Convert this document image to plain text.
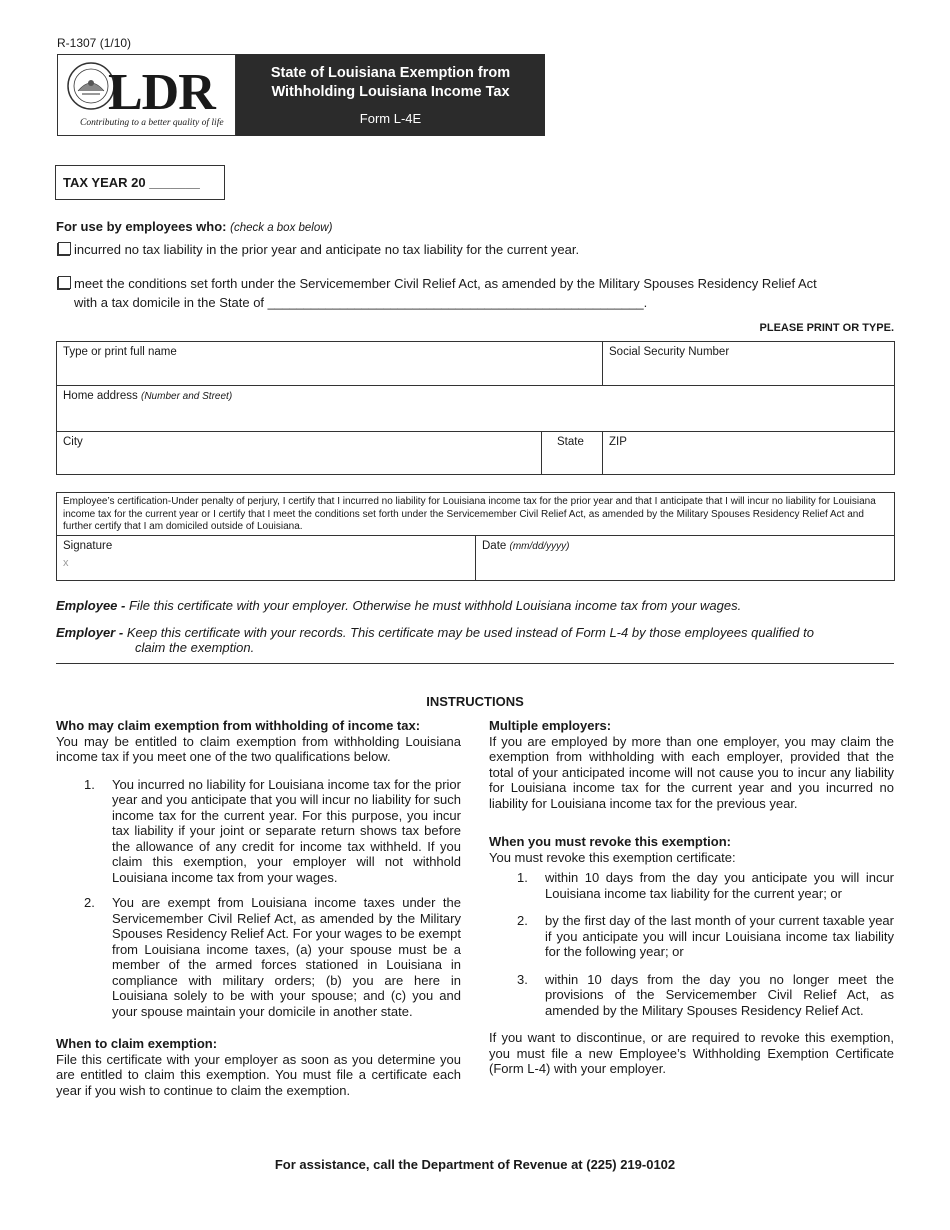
R-1307 (1/10)
LDR
Contributing to a better quality of life
State of Louisiana Exemption from
Withholding Louisiana Income Tax
Form L-4E
TAX YEAR 20 _______
For use by employees who: (check a box below)
incurred no tax liability in the prior year and anticipate no tax liability for the current year.
meet the conditions set forth under the Servicemember Civil Relief Act, as amended by the Military Spouses Residency Relief Act
with a tax domicile in the State of ____________________________________________________.
PLEASE PRINT OR TYPE.
Type or print full name	Social Security Number
Home address (Number and Street)
City	State	ZIP
Employee’s certification-Under penalty of perjury, I certify that I incurred no liability for Louisiana income tax for the prior year and that I anticipate that I will incur no liability for Louisiana income tax for the current year or I certify that I meet the conditions set forth under the Servicemember Civil Relief Act, as amended by the Military Spouses Residency Relief Act and further certify that I am domiciled outside of Louisiana.
Signature
x
Date (mm/dd/yyyy)
Employee - File this certificate with your employer. Otherwise he must withhold Louisiana income tax from your wages.
Employer - Keep this certificate with your records. This certificate may be used instead of Form L-4 by those employees qualified to
claim the exemption.
INSTRUCTIONS
Who may claim exemption from withholding of income tax:

You may be entitled to claim exemption from withholding Louisiana income tax if you meet one of the two qualifications below.

1. You incurred no liability for Louisiana income tax for the prior year and you anticipate that you will incur no liability for such income tax for the current year. For this purpose, you incur tax liability if your joint or separate return shows tax before the allowance of any credit for income tax withheld. If you claim this exemption, your employer will not withhold Louisiana income tax from your wages.
2. You are exempt from Louisiana income taxes under the Servicemember Civil Relief Act, as amended by the Military Spouses Residency Relief Act. For your wages to be exempt from Louisiana income taxes, (a) your spouse must be a member of the armed forces stationed in Louisiana in compliance with military orders; (b) you are here in Louisiana solely to be with your spouse; and (c) you and your spouse maintain your domicile in another state.
When to claim exemption:

File this certificate with your employer as soon as you determine you are entitled to claim this exemption. You must file a certificate each year if you wish to continue to claim the exemption.

Multiple employers:

If you are employed by more than one employer, you may claim the exemption from withholding with each employer, provided that the total of your anticipated income will not cause you to incur any liability for Louisiana income tax for the current year and you incurred no liability for Louisiana income tax for the previous year.

When you must revoke this exemption:

You must revoke this exemption certificate:

1. within 10 days from the day you anticipate you will incur Louisiana income tax liability for the current year; or
2. by the first day of the last month of your current taxable year if you anticipate you will incur Louisiana income tax liability for the following year; or
3. within 10 days from the day you no longer meet the provisions of the Servicemember Civil Relief Act, as amended by the Military Spouses Residency Relief Act.

If you want to discontinue, or are required to revoke this exemption, you must file a new Employee’s Withholding Exemption Certificate (Form L-4) with your employer.

For assistance, call the Department of Revenue at (225) 219-0102
